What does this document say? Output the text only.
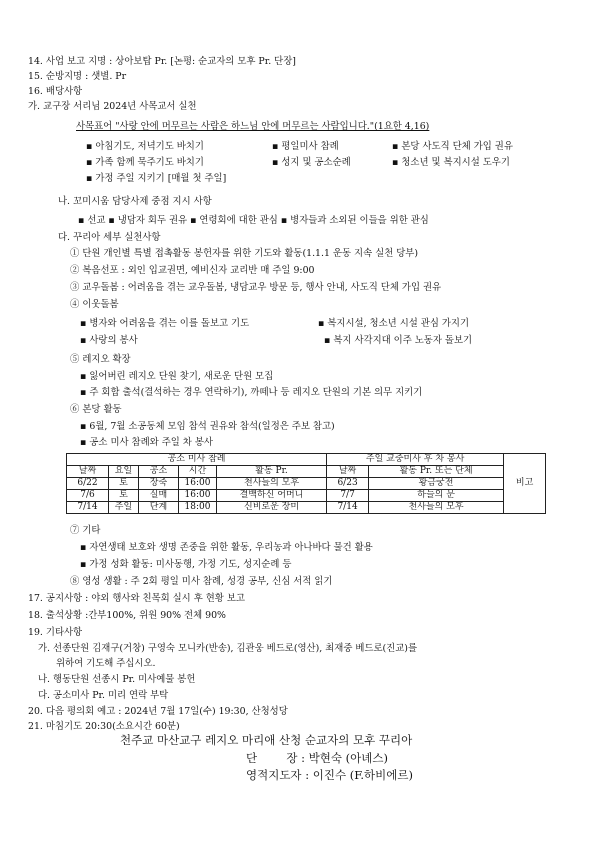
14. 사업 보고 지명 : 상아보탑 Pr. [논평: 순교자의 모후 Pr. 단장]
15. 순방지명 : 샛별. Pr
16. 배당사항
가. 교구장 서리님 2024년 사목교서 실천
사목표어 "사랑 안에 머무르는 사람은 하느님 안에 머무르는 사람입니다."(1요한 4,16)
▪ 아침기도, 저녁기도 바치기	▪ 평일미사 참례	▪ 본당 사도직 단체 가입 권유
▪ 가족 함께 묵주기도 바치기	▪ 성지 및 공소순례	▪ 청소년 및 복지시설 도우기
▪ 가정 주일 지키기 [매월 첫 주일]
나. 꼬미시움 담당사제 중점 지시 사항
▪ 선교 ▪ 냉담자 회두 권유 ▪ 연령회에 대한 관심 ▪ 병자들과 소외된 이들을 위한 관심
다. 꾸리아 세부 실천사항
① 단원 개인별 특별 접촉활동 봉헌자를 위한 기도와 활동(1.1.1 운동 지속 실천 당부)
② 복음선포 : 외인 입교권면, 예비신자 교리반 매 주일 9:00
③ 교우돌봄 : 어려움을 겪는 교우돌봄, 냉담교우 방문 등, 행사 안내, 사도직 단체 가입 권유
④ 이웃돌봄
▪ 병자와 어려움을 겪는 이를 돌보고 기도	▪ 복지시설, 청소년 시설 관심 가지기
▪ 사랑의 봉사	▪ 복지 사각지대 이주 노동자 돌보기
⑤ 레지오 확장
▪ 잃어버린 레지오 단원 찾기, 새로운 단원 모집
▪ 주 회합 출석(결석하는 경우 연락하기), 까떼나 등 레지오 단원의 기본 의무 지키기
⑥ 본당 활동
▪ 6월, 7월 소공동체 모임 참석 권유와 참석(일정은 주보 참고)
▪ 공소 미사 참례와 주일 차 봉사
공소 미사 참례					주일 교중미사 후 차 봉사		비고
날짜	요일	공소	시간	활동 Pr.	날짜	활동 Pr. 또는 단체	
6/22	토	장죽	16:00	천사들의 모후	6/23	황금궁전	
7/6	토	실매	16:00	결백하신 어머니	7/7	하늘의 문	
7/14	주일	단계	18:00	신비로운 장미	7/14	천사들의 모후	
⑦ 기타
▪ 자연생태 보호와 생명 존중을 위한 활동, 우리농과 아나바다 물건 활용
▪ 가정 성화 활동: 미사동행, 가정 기도, 성지순례 등
⑧ 영성 생활 : 주 2회 평일 미사 참례, 성경 공부, 신심 서적 읽기
17. 공지사항 : 야외 행사와 친목회 실시 후 현황 보고
18. 출석상황 :간부100%, 위원 90% 전체 90%
19. 기타사항
가. 선종단원 김재구(거창) 구영숙 모니카(반송), 김관웅 베드로(영산), 최재중 베드로(진교)를
위하여 기도해 주십시오.
나. 행동단원 선종시 Pr. 미사예물 봉헌
다. 공소미사 Pr. 미리 연락 부탁
20. 다음 평의회 예고 : 2024년 7월 17일(수) 19:30, 산청성당
21. 마침기도 20:30(소요시간 60분)
천주교 마산교구 레지오 마리애 산청 순교자의 모후 꾸리아
단        장 : 박현숙 (아녜스)
영적지도자 : 이진수 (F.하비에르)
